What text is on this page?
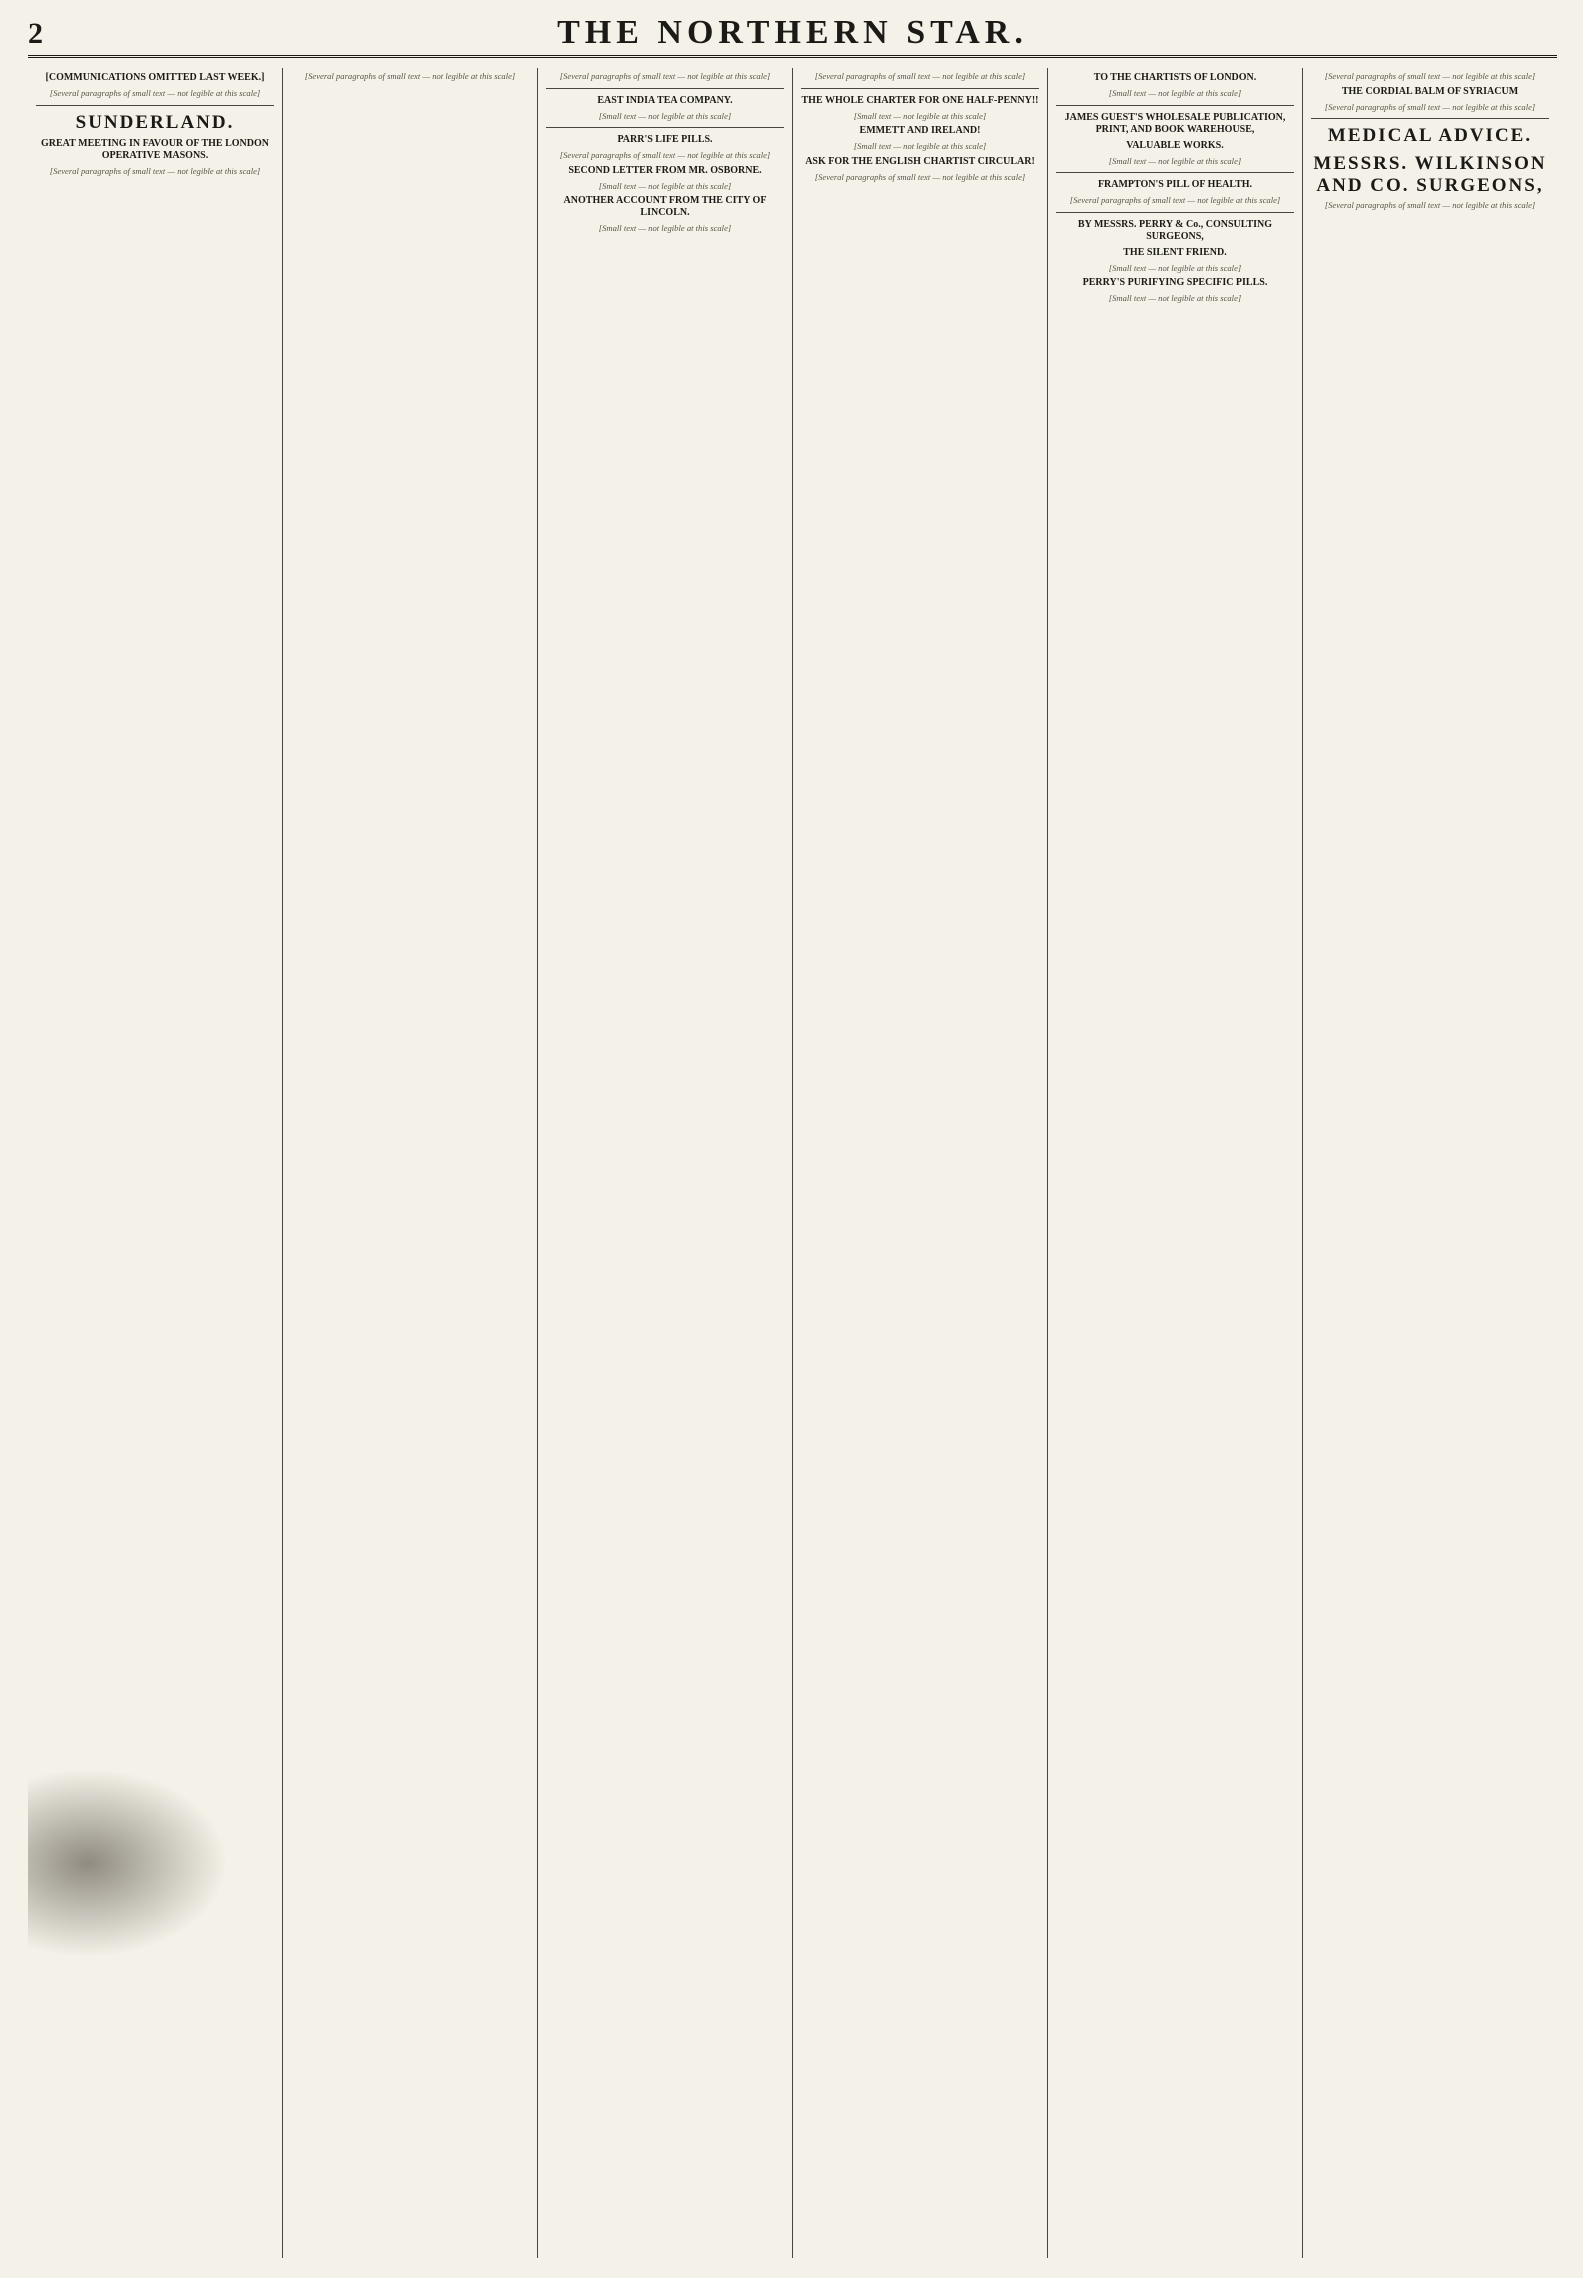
2	THE NORTHERN STAR.

[COMMUNICATIONS OMITTED LAST WEEK.]

[Several paragraphs of small text — not legible at this scale]

SUNDERLAND.

GREAT MEETING IN FAVOUR OF THE LONDON OPERATIVE MASONS.

[Several paragraphs of small text — not legible at this scale]

[Several paragraphs of small text — not legible at this scale]	[Several paragraphs of small text — not legible at this scale]

EAST INDIA TEA COMPANY.

[Small text — not legible at this scale]

PARR'S LIFE PILLS.

[Several paragraphs of small text — not legible at this scale]

SECOND LETTER FROM MR. OSBORNE.

[Small text — not legible at this scale]

ANOTHER ACCOUNT FROM THE CITY OF LINCOLN.

[Small text — not legible at this scale]

[Several paragraphs of small text — not legible at this scale]

THE WHOLE CHARTER FOR ONE HALF-PENNY!!

[Small text — not legible at this scale]

EMMETT AND IRELAND!

[Small text — not legible at this scale]

ASK FOR THE ENGLISH CHARTIST CIRCULAR!

[Several paragraphs of small text — not legible at this scale]

TO THE CHARTISTS OF LONDON.

[Small text — not legible at this scale]

JAMES GUEST'S WHOLESALE PUBLICATION, PRINT, AND BOOK WAREHOUSE,

VALUABLE WORKS.

[Small text — not legible at this scale]

FRAMPTON'S PILL OF HEALTH.

[Several paragraphs of small text — not legible at this scale]

BY MESSRS. PERRY & Co., CONSULTING SURGEONS,

THE SILENT FRIEND.

[Small text — not legible at this scale]

PERRY'S PURIFYING SPECIFIC PILLS.

[Small text — not legible at this scale]

[Several paragraphs of small text — not legible at this scale]

THE CORDIAL BALM OF SYRIACUM

[Several paragraphs of small text — not legible at this scale]

MEDICAL ADVICE.

MESSRS. WILKINSON AND CO. SURGEONS,

[Several paragraphs of small text — not legible at this scale]
